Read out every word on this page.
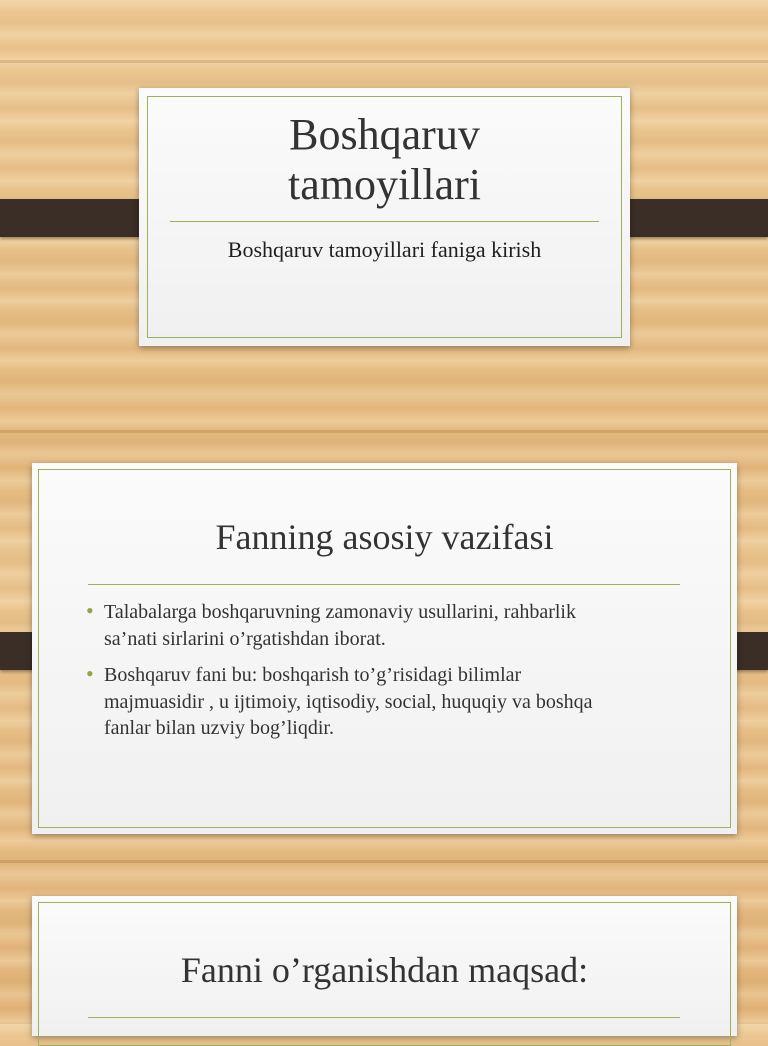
Boshqaruv
tamoyillari
Boshqaruv tamoyillari faniga kirish
Fanning asosiy vazifasi
• Talabalarga boshqaruvning zamonaviy usullarini, rahbarlik
sa’nati sirlarini o’rgatishdan iborat.
• Boshqaruv fani bu: boshqarish to’g’risidagi bilimlar
majmuasidir , u ijtimoiy, iqtisodiy, social, huquqiy va boshqa
fanlar bilan uzviy bog’liqdir.
Fanni o’rganishdan maqsad:
